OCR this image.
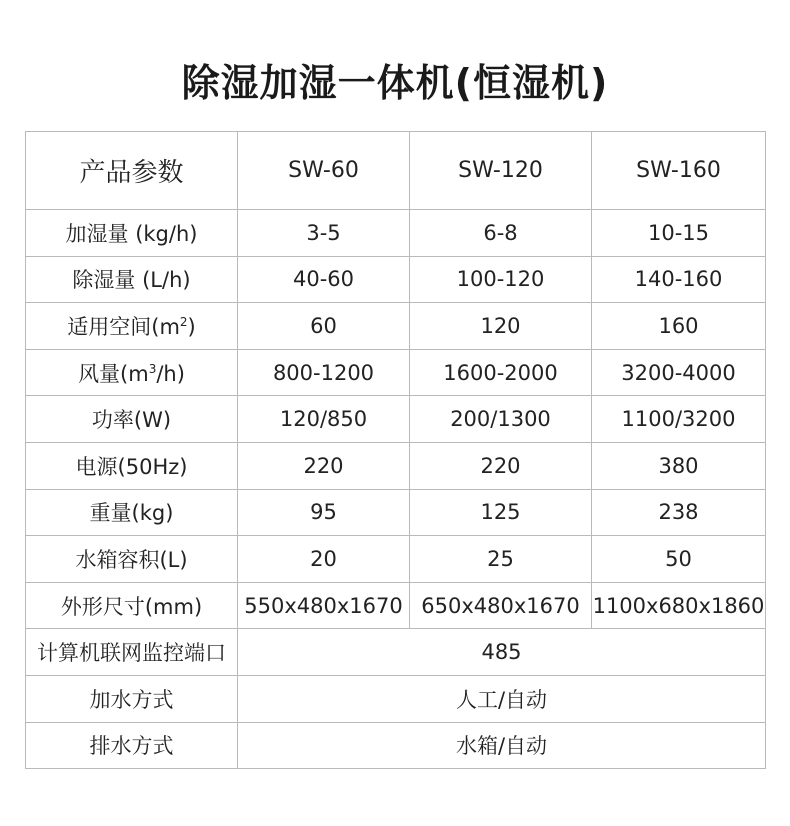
除湿加湿一体机(恒湿机)
产品参数	SW-60	SW-120	SW-160
加湿量 (kg/h)	3-5	6-8	10-15
除湿量 (L/h)	40-60	100-120	140-160
适用空间$(m^2)$	60	120	160
风量$(m^3/h)$	800-1200	1600-2000	3200-4000
功率(W)	120/850	200/1300	1100/3200
电源(50Hz)	220	220	380
重量(kg)	95	125	238
水箱容积(L)	20	25	50
外形尺寸(mm)	550x480x1670	650x480x1670	1100x680x1860
计算机联网监控端口	485		
加水方式	人工/自动		
排水方式	水箱/自动		
